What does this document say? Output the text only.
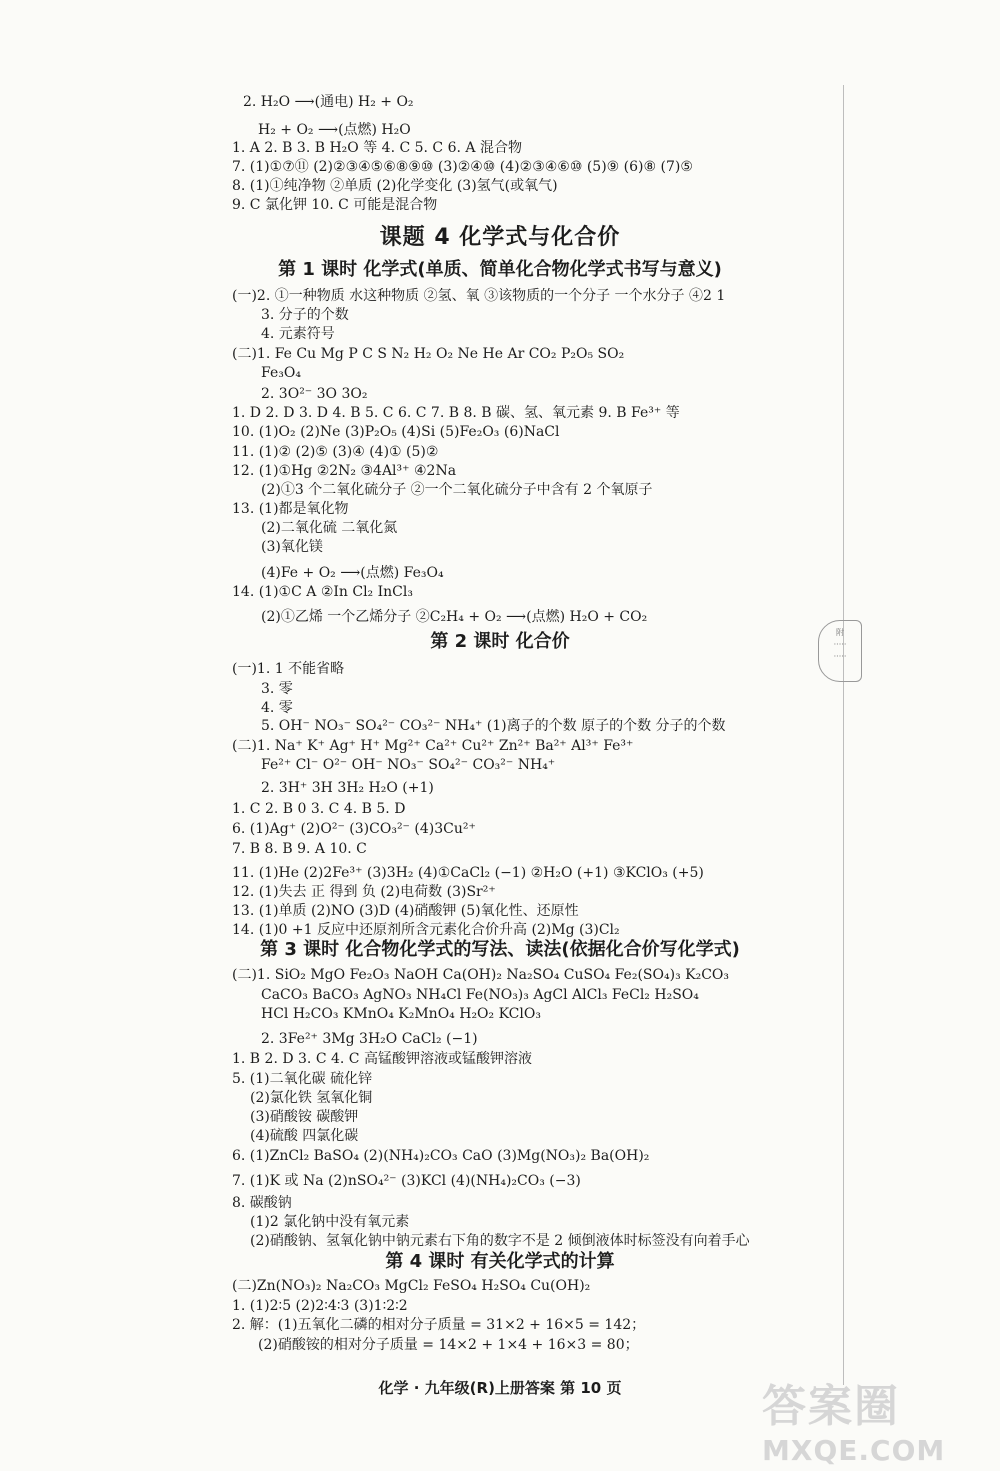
附
·····
·····
2. H₂O ⟶(通电) H₂ + O₂
H₂ + O₂ ⟶(点燃) H₂O
1. A 2. B 3. B H₂O 等 4. C 5. C 6. A 混合物
7. (1)①⑦⑪ (2)②③④⑤⑥⑧⑨⑩ (3)②④⑩ (4)②③④⑥⑩ (5)⑨ (6)⑧ (7)⑤
8. (1)①纯净物 ②单质 (2)化学变化 (3)氢气(或氧气)
9. C 氯化钾 10. C 可能是混合物
课题 4 化学式与化合价
第 1 课时 化学式(单质、简单化合物化学式书写与意义)
(一)2. ①一种物质 水这种物质 ②氢、氧 ③该物质的一个分子 一个水分子 ④2 1
3. 分子的个数
4. 元素符号
(二)1. Fe Cu Mg P C S N₂ H₂ O₂ Ne He Ar CO₂ P₂O₅ SO₂
Fe₃O₄
2. 3O²⁻ 3O 3O₂
1. D 2. D 3. D 4. B 5. C 6. C 7. B 8. B 碳、氢、氧元素 9. B Fe³⁺ 等
10. (1)O₂ (2)Ne (3)P₂O₅ (4)Si (5)Fe₂O₃ (6)NaCl
11. (1)② (2)⑤ (3)④ (4)① (5)②
12. (1)①Hg ②2N₂ ③4Al³⁺ ④2Na
(2)①3 个二氧化硫分子 ②一个二氧化硫分子中含有 2 个氧原子
13. (1)都是氧化物
(2)二氧化硫 二氧化氮
(3)氧化镁
(4)Fe + O₂ ⟶(点燃) Fe₃O₄
14. (1)①C A ②In Cl₂ InCl₃
(2)①乙烯 一个乙烯分子 ②C₂H₄ + O₂ ⟶(点燃) H₂O + CO₂
第 2 课时 化合价
(一)1. 1 不能省略
3. 零
4. 零
5. OH⁻ NO₃⁻ SO₄²⁻ CO₃²⁻ NH₄⁺ (1)离子的个数 原子的个数 分子的个数
(二)1. Na⁺ K⁺ Ag⁺ H⁺ Mg²⁺ Ca²⁺ Cu²⁺ Zn²⁺ Ba²⁺ Al³⁺ Fe³⁺
Fe²⁺ Cl⁻ O²⁻ OH⁻ NO₃⁻ SO₄²⁻ CO₃²⁻ NH₄⁺
2. 3H⁺ 3H 3H₂ H₂O (+1)
1. C 2. B 0 3. C 4. B 5. D
6. (1)Ag⁺ (2)O²⁻ (3)CO₃²⁻ (4)3Cu²⁺
7. B 8. B 9. A 10. C
11. (1)He (2)2Fe³⁺ (3)3H₂ (4)①CaCl₂ (−1) ②H₂O (+1) ③KClO₃ (+5)
12. (1)失去 正 得到 负 (2)电荷数 (3)Sr²⁺
13. (1)单质 (2)NO (3)D (4)硝酸钾 (5)氧化性、还原性
14. (1)0 +1 反应中还原剂所含元素化合价升高 (2)Mg (3)Cl₂
第 3 课时 化合物化学式的写法、读法(依据化合价写化学式)
(二)1. SiO₂ MgO Fe₂O₃ NaOH Ca(OH)₂ Na₂SO₄ CuSO₄ Fe₂(SO₄)₃ K₂CO₃
CaCO₃ BaCO₃ AgNO₃ NH₄Cl Fe(NO₃)₃ AgCl AlCl₃ FeCl₂ H₂SO₄
HCl H₂CO₃ KMnO₄ K₂MnO₄ H₂O₂ KClO₃
2. 3Fe²⁺ 3Mg 3H₂O CaCl₂ (−1)
1. B 2. D 3. C 4. C 高锰酸钾溶液或锰酸钾溶液
5. (1)二氧化碳 硫化锌
(2)氯化铁 氢氧化铜
(3)硝酸铵 碳酸钾
(4)硫酸 四氯化碳
6. (1)ZnCl₂ BaSO₄ (2)(NH₄)₂CO₃ CaO (3)Mg(NO₃)₂ Ba(OH)₂
7. (1)K 或 Na (2)nSO₄²⁻ (3)KCl (4)(NH₄)₂CO₃ (−3)
8. 碳酸钠
(1)2 氯化钠中没有氧元素
(2)硝酸钠、氢氧化钠中钠元素右下角的数字不是 2 倾倒液体时标签没有向着手心
第 4 课时 有关化学式的计算
(二)Zn(NO₃)₂ Na₂CO₃ MgCl₂ FeSO₄ H₂SO₄ Cu(OH)₂
1. (1)2∶5 (2)2∶4∶3 (3)1∶2∶2
2. 解：(1)五氧化二磷的相对分子质量 = 31×2 + 16×5 = 142；
(2)硝酸铵的相对分子质量 = 14×2 + 1×4 + 16×3 = 80；
化学 · 九年级(R)上册答案 第 10 页	答案圈
MXQE.COM
